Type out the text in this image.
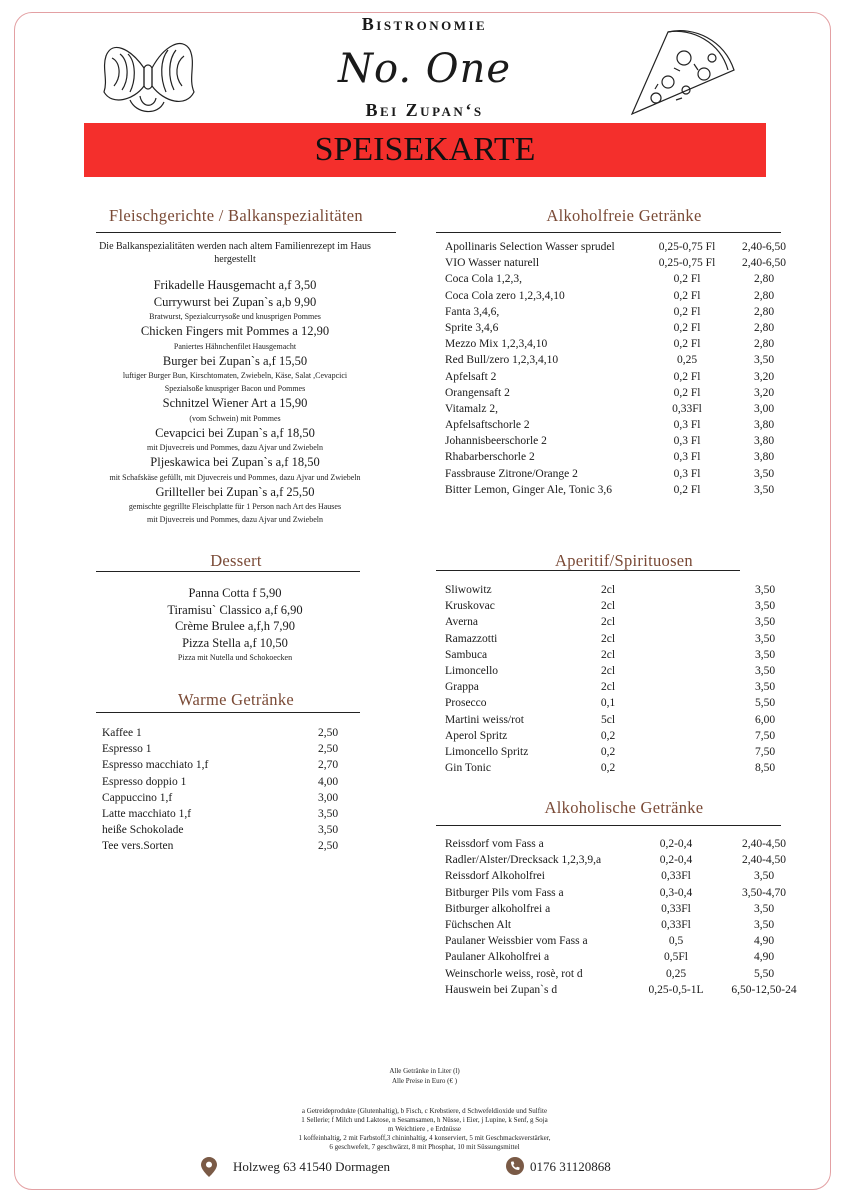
Bistronomie
No. One
Bei Zupan‘s
SPEISEKARTE
Fleischgerichte / Balkanspezialitäten
Die Balkanspezialitäten werden nach altem Familienrezept im Haus hergestellt
Frikadelle Hausgemacht a,f 3,50
Currywurst bei Zupan`s a,b 9,90
Bratwurst, Spezialcurrysoße und knusprigen Pommes
Chicken Fingers mit Pommes a 12,90
Paniertes Hähnchenfilet Hausgemacht
Burger bei Zupan`s a,f 15,50
luftiger Burger Bun, Kirschtomaten, Zwiebeln, Käse, Salat ,Cevapcici
Spezialsoße knuspriger Bacon und Pommes
Schnitzel Wiener Art a 15,90
(vom Schwein) mit Pommes
Cevapcici bei Zupan`s a,f 18,50
mit Djuvecreis und Pommes, dazu Ajvar und Zwiebeln
Pljeskawica bei Zupan`s a,f 18,50
mit Schafskäse gefüllt, mit Djuvecreis und Pommes, dazu Ajvar und Zwiebeln
Grillteller bei Zupan`s a,f 25,50
gemischte gegrillte Fleischplatte für 1 Person nach Art des Hauses
mit Djuvecreis und Pommes, dazu Ajvar und Zwiebeln
Dessert
Panna Cotta f 5,90
Tiramisu` Classico a,f 6,90
Crème Brulee a,f,h 7,90
Pizza Stella a,f 10,50
Pizza mit Nutella und Schokoecken
Warme Getränke
Kaffee 1	2,50
Espresso 1	2,50
Espresso macchiato 1,f	2,70
Espresso doppio 1	4,00
Cappuccino 1,f	3,00
Latte macchiato 1,f	3,50
heiße Schokolade	3,50
Tee vers.Sorten	2,50
Alkoholfreie Getränke
Apollinaris Selection Wasser sprudel	0,25-0,75 Fl	2,40-6,50
VIO Wasser naturell	0,25-0,75 Fl	2,40-6,50
Coca Cola 1,2,3,	0,2 Fl	2,80
Coca Cola zero 1,2,3,4,10	0,2 Fl	2,80
Fanta 3,4,6,	0,2 Fl	2,80
Sprite 3,4,6	0,2 Fl	2,80
Mezzo Mix 1,2,3,4,10	0,2 Fl	2,80
Red Bull/zero 1,2,3,4,10	0,25	3,50
Apfelsaft 2	0,2 Fl	3,20
Orangensaft 2	0,2 Fl	3,20
Vitamalz 2,	0,33Fl	3,00
Apfelsaftschorle 2	0,3 Fl	3,80
Johannisbeerschorle 2	0,3 Fl	3,80
Rhabarberschorle 2	0,3 Fl	3,80
Fassbrause Zitrone/Orange 2	0,3 Fl	3,50
Bitter Lemon, Ginger Ale, Tonic 3,6	0,2 Fl	3,50
Aperitif/Spirituosen
Sliwowitz	2cl	3,50
Kruskovac	2cl	3,50
Averna	2cl	3,50
Ramazzotti	2cl	3,50
Sambuca	2cl	3,50
Limoncello	2cl	3,50
Grappa	2cl	3,50
Prosecco	0,1	5,50
Martini weiss/rot	5cl	6,00
Aperol Spritz	0,2	7,50
Limoncello Spritz	0,2	7,50
Gin Tonic	0,2	8,50
Alkoholische Getränke
Reissdorf vom Fass a	0,2-0,4	2,40-4,50
Radler/Alster/Drecksack 1,2,3,9,a	0,2-0,4	2,40-4,50
Reissdorf Alkoholfrei	0,33Fl	3,50
Bitburger Pils vom Fass a	0,3-0,4	3,50-4,70
Bitburger alkoholfrei a	0,33Fl	3,50
Füchschen Alt	0,33Fl	3,50
Paulaner Weissbier vom Fass a	0,5	4,90
Paulaner Alkoholfrei a	0,5Fl	4,90
Weinschorle weiss, rosè, rot d	0,25	5,50
Hauswein bei Zupan`s d	0,25-0,5-1L	6,50-12,50-24
Alle Getränke in Liter (l)
Alle Preise in Euro (€ )
a Getreideprodukte (Glutenhaltig), b Fisch, c Krebstiere, d Schwefeldioxide und Sulfite
1 Sellerie; f Milch und Laktose, n Sesamsamen, h Nüsse, i Eier, j Lupine, k Senf, g Soja
m Weichtiere , e Erdnüsse
1 koffeinhaltig, 2 mit Farbstoff,3 chininhaltig, 4 konserviert, 5 mit Geschmacksverstärker,
6 geschwefelt, 7 geschwärzt, 8 mit Phosphat, 10 mit Süssungsmittel
Holzweg 63 41540 Dormagen	0176 31120868
